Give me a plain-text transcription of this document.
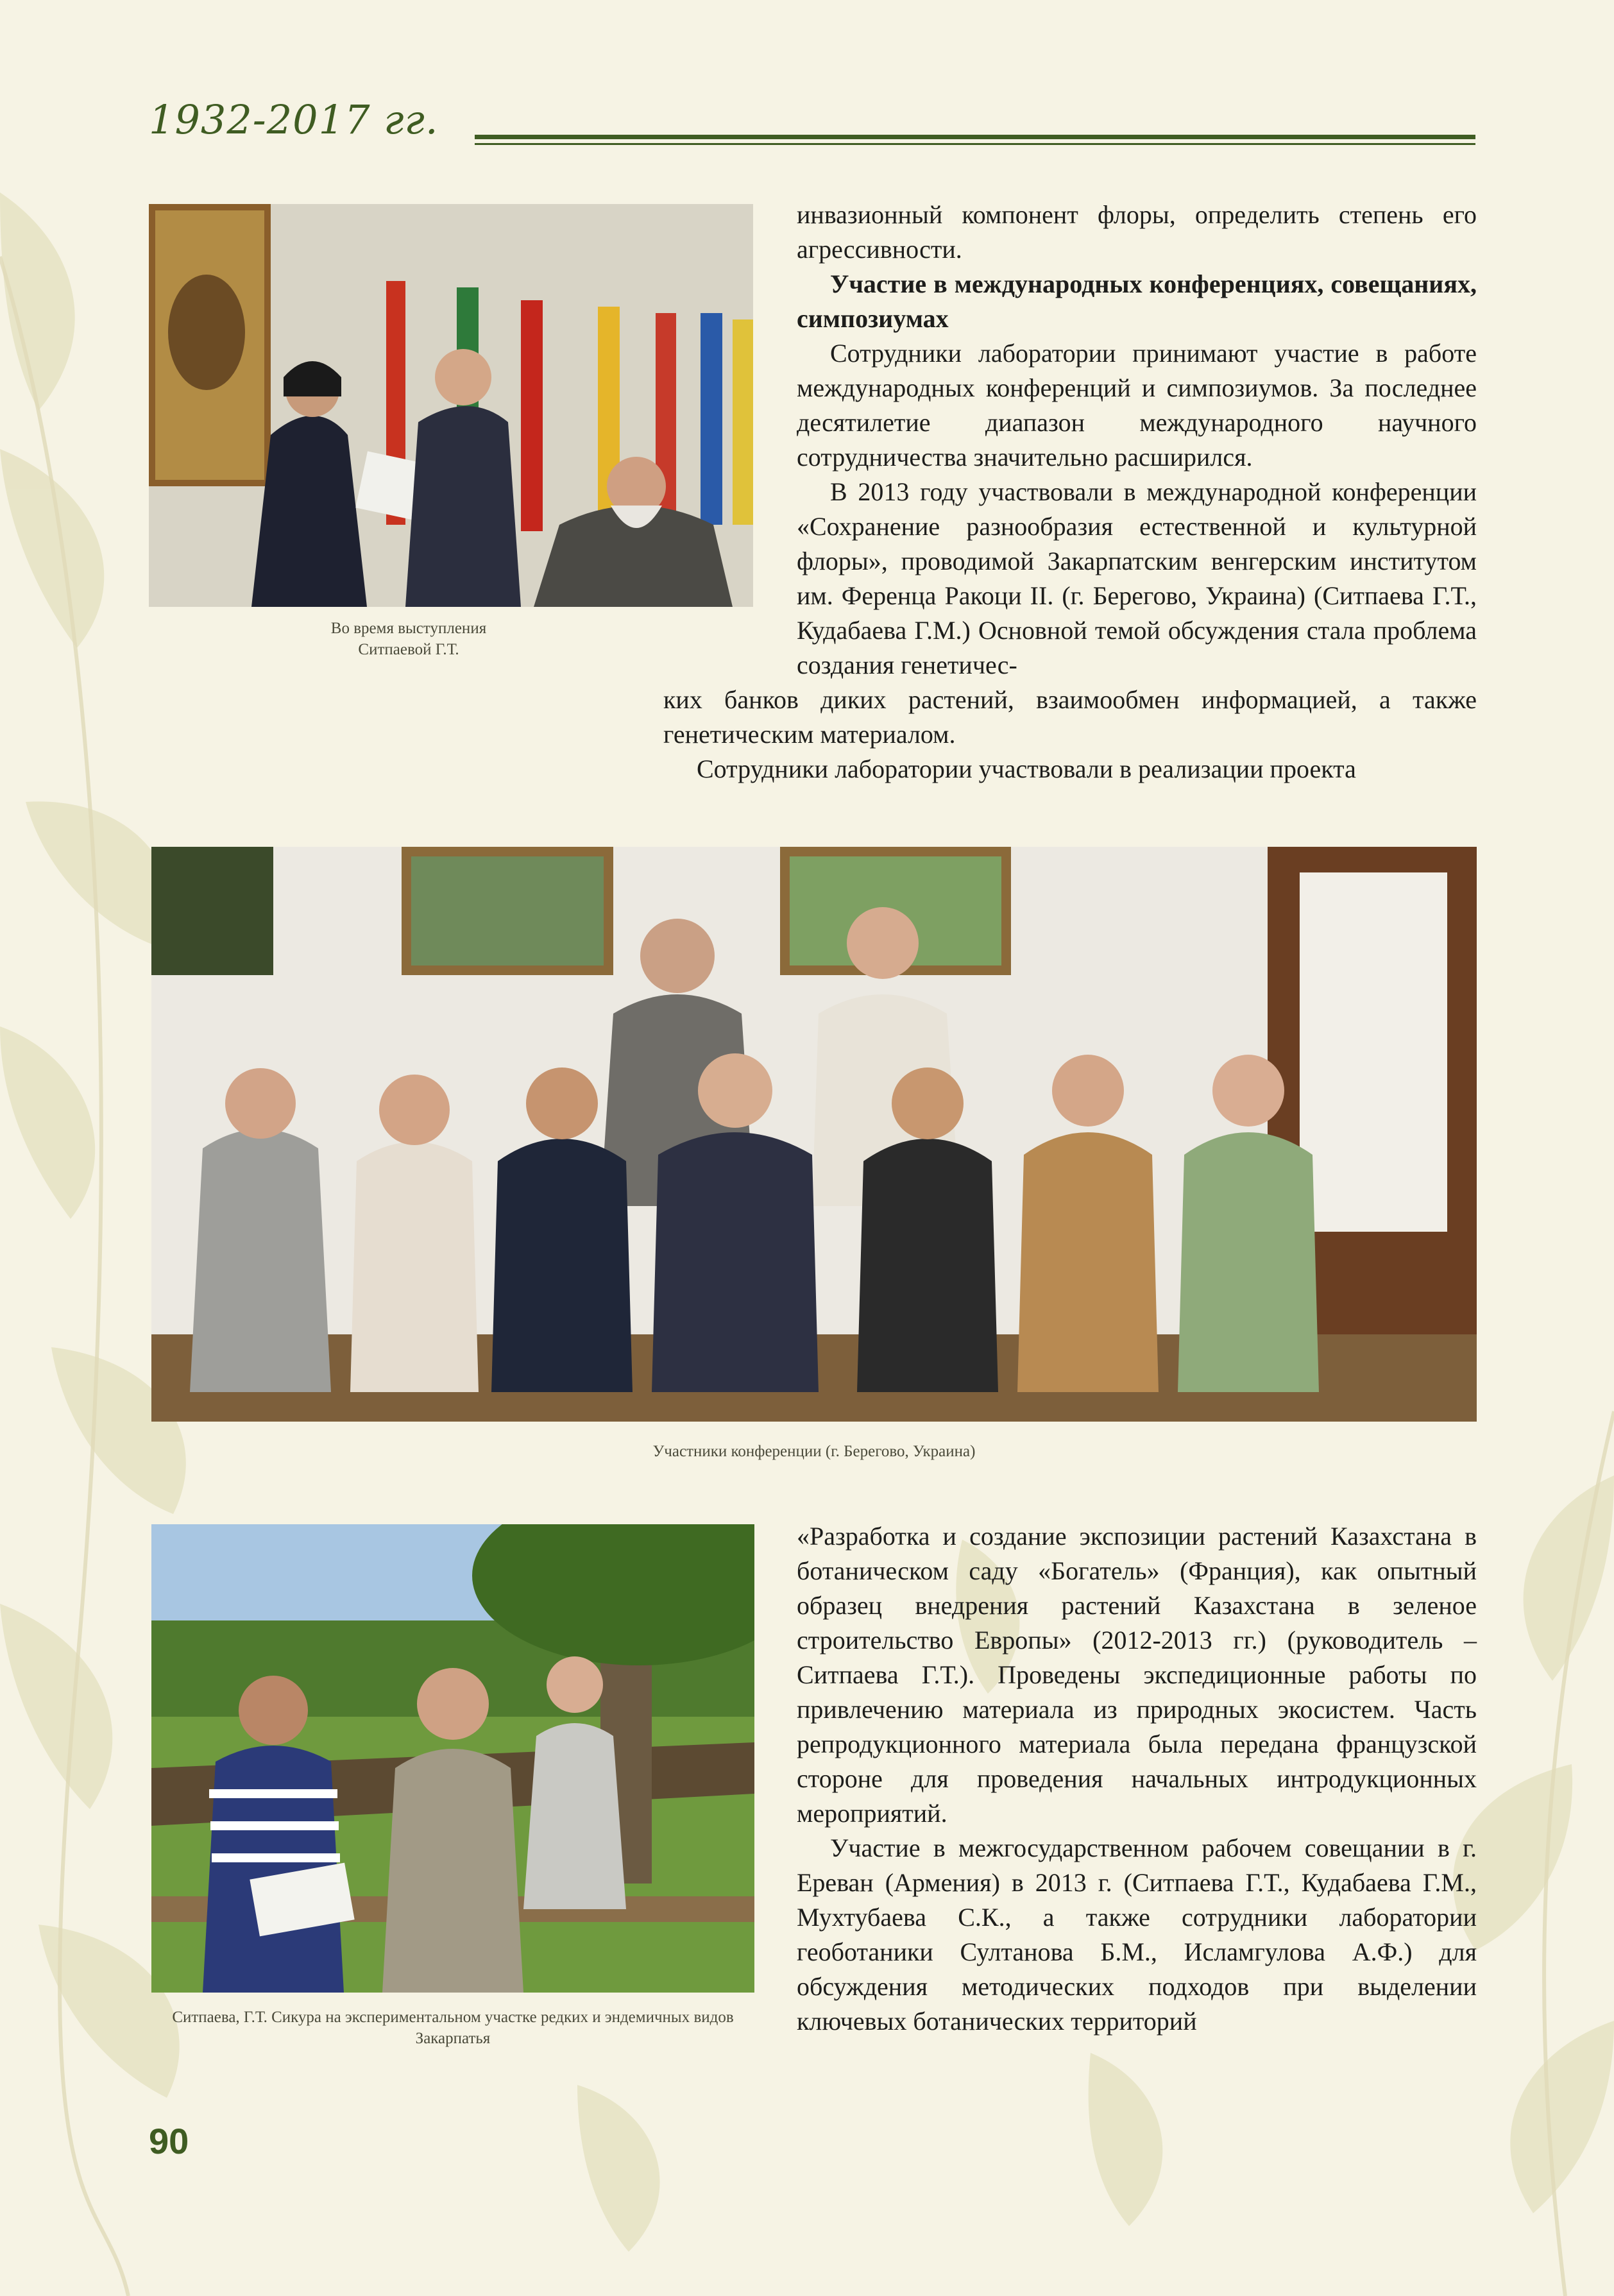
1932-2017 гг.
Во время выступления Ситпаевой Г.Т.

инвазионный компонент флоры, определить степень его агрессивности.

Участие в международных конференциях, совещаниях, симпозиумах

Сотрудники лаборатории принимают участие в работе международных конференций и симпозиумов. За последнее десятилетие диапазон международного научного сотрудничества значительно расширился.

В 2013 году участвовали в международной конференции «Сохранение разнообразия естественной и культурной флоры», проводимой Закарпатским венгерским институтом им. Ференца Ракоци II. (г. Берегово, Украина) (Ситпаева Г.Т., Кудабаева Г.М.) Основной темой обсуждения стала проблема создания генетичес-

ких банков диких растений, взаимообмен информацией, а также генетическим материалом.

Сотрудники лаборатории участвовали в реализации проекта

Участники конференции (г. Берегово, Украина)
Ситпаева, Г.Т. Сикура на экспериментальном участке редких и эндемичных видов Закарпатья

«Разработка и создание экспозиции растений Казахстана в ботаническом саду «Богатель» (Франция), как опытный образец внедрения растений Казахстана в зеленое строительство Европы» (2012-2013 гг.) (руководитель – Ситпаева Г.Т.). Проведены экспедиционные работы по привлечению материала из природных экосистем. Часть репродукционного материала была передана французской стороне для проведения начальных интродукционных мероприятий.

Участие в межгосударственном рабочем совещании в г. Ереван (Армения) в 2013 г. (Ситпаева Г.Т., Кудабаева Г.М., Мухтубаева С.К., а также сотрудники лаборатории геоботаники Султанова Б.М., Исламгулова А.Ф.) для обсуждения методических подходов при выделении ключевых ботанических территорий

90
